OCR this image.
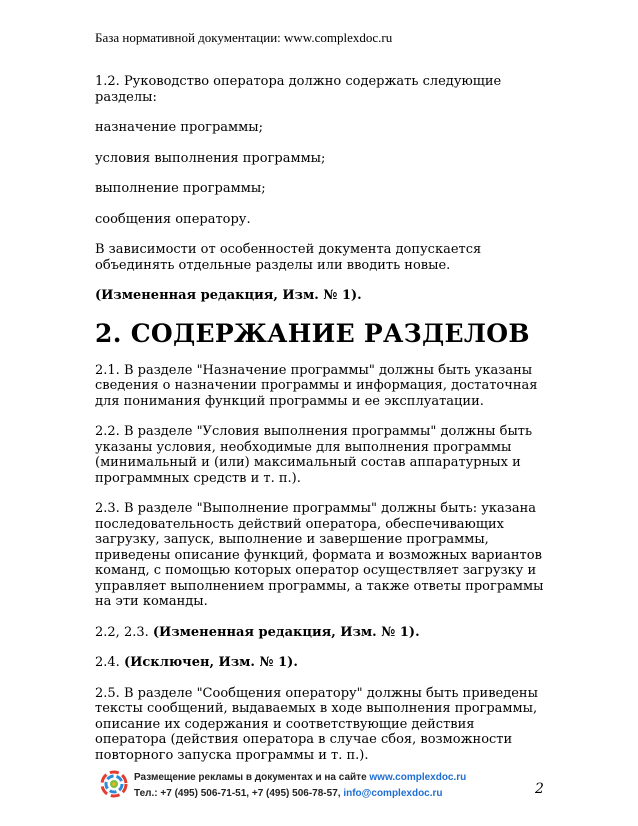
База нормативной документации: www.complexdoc.ru

1.2. Руководство оператора должно содержать следующие разделы:

назначение программы;

условия выполнения программы;

выполнение программы;

сообщения оператору.

В зависимости от особенностей документа допускается объединять отдельные разделы или вводить новые.

(Измененная редакция, Изм. № 1).

2. СОДЕРЖАНИЕ РАЗДЕЛОВ

2.1. В разделе "Назначение программы" должны быть указаны сведения о назначении программы и информация, достаточная для понимания функций программы и ее эксплуатации.

2.2. В разделе "Условия выполнения программы" должны быть указаны условия, необходимые для выполнения программы (минимальный и (или) максимальный состав аппаратурных и программных средств и т. п.).

2.3. В разделе "Выполнение программы" должны быть: указана последовательность действий оператора, обеспечивающих загрузку, запуск, выполнение и завершение программы, приведены описание функций, формата и возможных вариантов команд, с помощью которых оператор осуществляет загрузку и управляет выполнением программы, а также ответы программы на эти команды.

2.2, 2.3. (Измененная редакция, Изм. № 1).

2.4. (Исключен, Изм. № 1).

2.5. В разделе "Сообщения оператору" должны быть приведены тексты сообщений, выдаваемых в ходе выполнения программы, описание их содержания и соответствующие действия оператора (действия оператора в случае сбоя, возможности повторного запуска программы и т. п.).

Размещение рекламы в документах и на сайте www.complexdoc.ru
Тел.: +7 (495) 506-71-51, +7 (495) 506-78-57, info@complexdoc.ru	2
